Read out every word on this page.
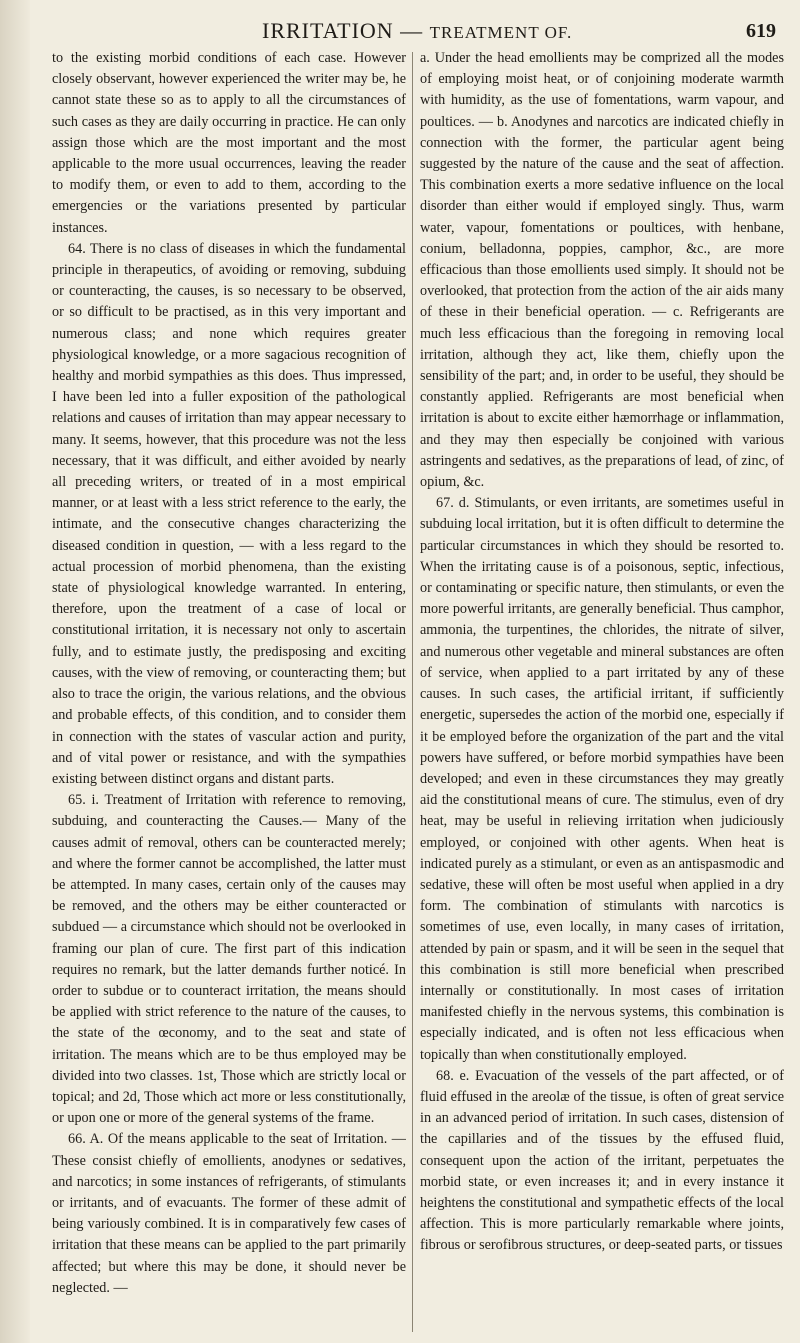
IRRITATION — TREATMENT OF.	619

to the existing morbid conditions of each case. However closely observant, however experienced the writer may be, he cannot state these so as to apply to all the circumstances of such cases as they are daily occurring in practice. He can only assign those which are the most important and the most applicable to the more usual occurrences, leaving the reader to modify them, or even to add to them, according to the emergencies or the variations presented by particular instances.

64. There is no class of diseases in which the fundamental principle in therapeutics, of avoiding or removing, subduing or counteracting, the causes, is so necessary to be observed, or so difficult to be practised, as in this very important and numerous class; and none which requires greater physiological knowledge, or a more sagacious recognition of healthy and morbid sympathies as this does. Thus impressed, I have been led into a fuller exposition of the pathological relations and causes of irritation than may appear necessary to many. It seems, however, that this procedure was not the less necessary, that it was difficult, and either avoided by nearly all preceding writers, or treated of in a most empirical manner, or at least with a less strict reference to the early, the intimate, and the consecutive changes characterizing the diseased condition in question, — with a less regard to the actual procession of morbid phenomena, than the existing state of physiological knowledge warranted. In entering, therefore, upon the treatment of a case of local or constitutional irritation, it is necessary not only to ascertain fully, and to estimate justly, the predisposing and exciting causes, with the view of removing, or counteracting them; but also to trace the origin, the various relations, and the obvious and probable effects, of this condition, and to consider them in connection with the states of vascular action and purity, and of vital power or resistance, and with the sympathies existing between distinct organs and distant parts.

65. i. Treatment of Irritation with reference to removing, subduing, and counteracting the Causes.— Many of the causes admit of removal, others can be counteracted merely; and where the former cannot be accomplished, the latter must be attempted. In many cases, certain only of the causes may be removed, and the others may be either counteracted or subdued — a circumstance which should not be overlooked in framing our plan of cure. The first part of this indication requires no remark, but the latter demands further noticé. In order to subdue or to counteract irritation, the means should be applied with strict reference to the nature of the causes, to the state of the œconomy, and to the seat and state of irritation. The means which are to be thus employed may be divided into two classes. 1st, Those which are strictly local or topical; and 2d, Those which act more or less constitutionally, or upon one or more of the general systems of the frame.

66. A. Of the means applicable to the seat of Irritation. — These consist chiefly of emollients, anodynes or sedatives, and narcotics; in some instances of refrigerants, of stimulants or irritants, and of evacuants. The former of these admit of being variously combined. It is in comparatively few cases of irritation that these means can be applied to the part primarily affected; but where this may be done, it should never be neglected. —

a. Under the head emollients may be comprized all the modes of employing moist heat, or of conjoining moderate warmth with humidity, as the use of fomentations, warm vapour, and poultices. — b. Anodynes and narcotics are indicated chiefly in connection with the former, the particular agent being suggested by the nature of the cause and the seat of affection. This combination exerts a more sedative influence on the local disorder than either would if employed singly. Thus, warm water, vapour, fomentations or poultices, with henbane, conium, belladonna, poppies, camphor, &c., are more efficacious than those emollients used simply. It should not be overlooked, that protection from the action of the air aids many of these in their beneficial operation. — c. Refrigerants are much less efficacious than the foregoing in removing local irritation, although they act, like them, chiefly upon the sensibility of the part; and, in order to be useful, they should be constantly applied. Refrigerants are most beneficial when irritation is about to excite either hæmorrhage or inflammation, and they may then especially be conjoined with various astringents and sedatives, as the preparations of lead, of zinc, of opium, &c.

67. d. Stimulants, or even irritants, are sometimes useful in subduing local irritation, but it is often difficult to determine the particular circumstances in which they should be resorted to. When the irritating cause is of a poisonous, septic, infectious, or contaminating or specific nature, then stimulants, or even the more powerful irritants, are generally beneficial. Thus camphor, ammonia, the turpentines, the chlorides, the nitrate of silver, and numerous other vegetable and mineral substances are often of service, when applied to a part irritated by any of these causes. In such cases, the artificial irritant, if sufficiently energetic, supersedes the action of the morbid one, especially if it be employed before the organization of the part and the vital powers have suffered, or before morbid sympathies have been developed; and even in these circumstances they may greatly aid the constitutional means of cure. The stimulus, even of dry heat, may be useful in relieving irritation when judiciously employed, or conjoined with other agents. When heat is indicated purely as a stimulant, or even as an antispasmodic and sedative, these will often be most useful when applied in a dry form. The combination of stimulants with narcotics is sometimes of use, even locally, in many cases of irritation, attended by pain or spasm, and it will be seen in the sequel that this combination is still more beneficial when prescribed internally or constitutionally. In most cases of irritation manifested chiefly in the nervous systems, this combination is especially indicated, and is often not less efficacious when topically than when constitutionally employed.

68. e. Evacuation of the vessels of the part affected, or of fluid effused in the areolæ of the tissue, is often of great service in an advanced period of irritation. In such cases, distension of the capillaries and of the tissues by the effused fluid, consequent upon the action of the irritant, perpetuates the morbid state, or even increases it; and in every instance it heightens the constitutional and sympathetic effects of the local affection. This is more particularly remarkable where joints, fibrous or serofibrous structures, or deep-seated parts, or tissues
